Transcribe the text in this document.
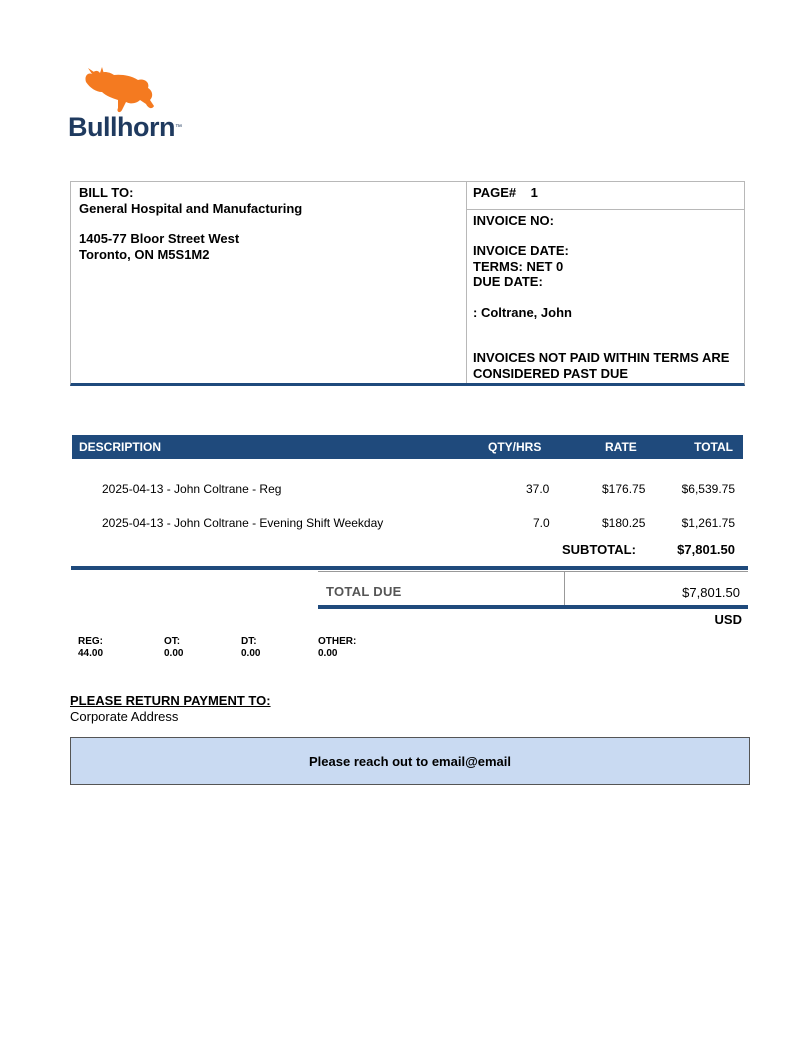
Bullhorn™
BILL TO:
General Hospital and Manufacturing
1405-77 Bloor Street West
Toronto, ON M5S1M2
PAGE# 1
INVOICE NO:
INVOICE DATE:
TERMS: NET 0
DUE DATE:
: Coltrane, John
INVOICES NOT PAID WITHIN TERMS ARE
CONSIDERED PAST DUE
DESCRIPTION	QTY/HRS	RATE	TOTAL
2025-04-13 - John Coltrane - Reg	37.0	$176.75	$6,539.75
2025-04-13 - John Coltrane - Evening Shift Weekday	7.0	$180.25	$1,261.75
SUBTOTAL:	$7,801.50
TOTAL DUE	$7,801.50
USD
REG:
44.00
OT:
0.00
DT:
0.00
OTHER:
0.00
PLEASE RETURN PAYMENT TO:
Corporate Address
Please reach out to email@email
